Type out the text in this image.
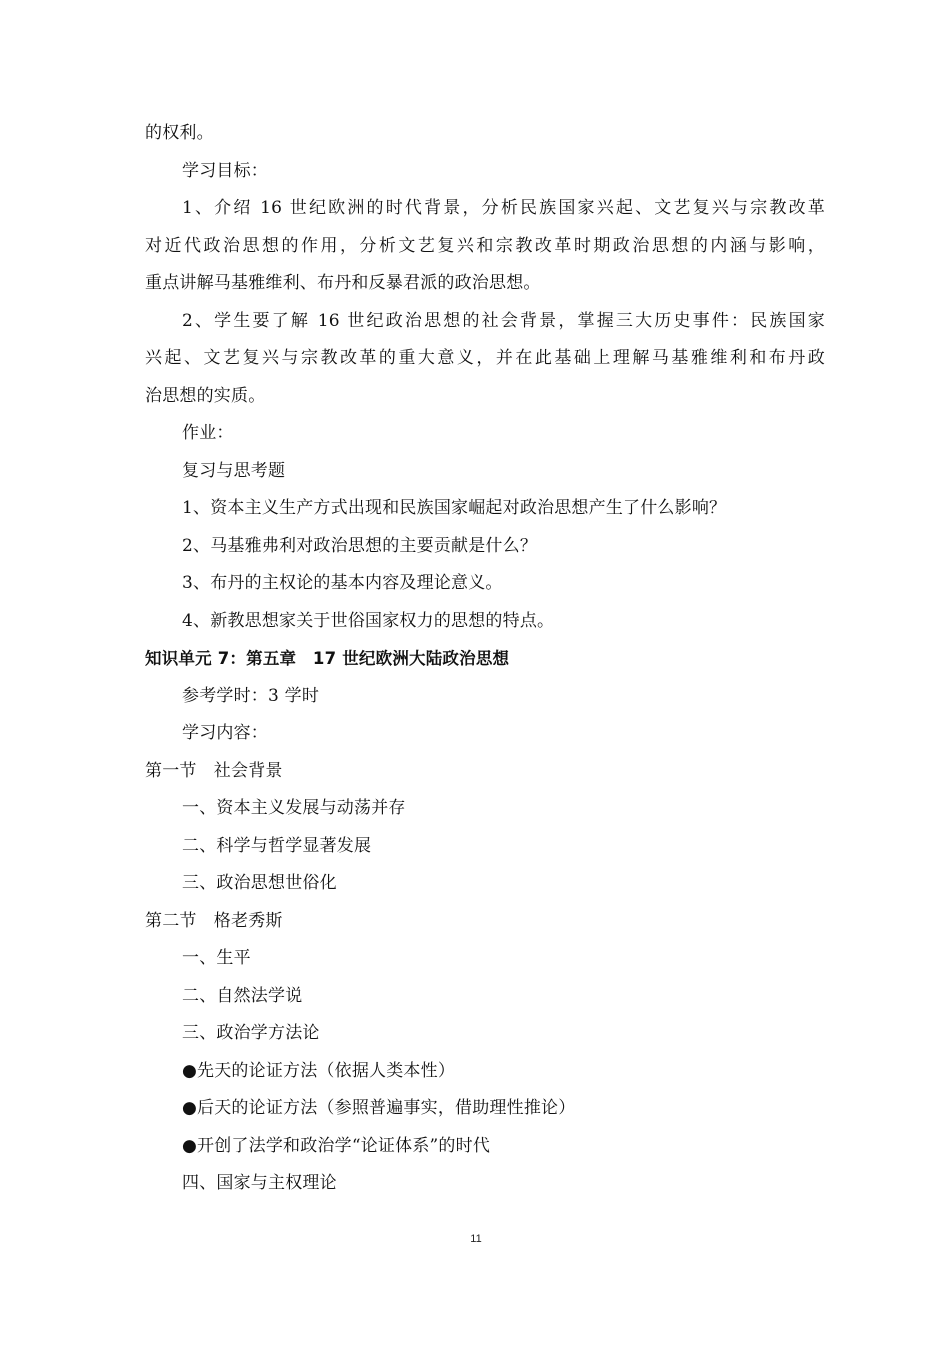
的权利。
学习目标：
1、介绍 16 世纪欧洲的时代背景，分析民族国家兴起、文艺复兴与宗教改革
对近代政治思想的作用，分析文艺复兴和宗教改革时期政治思想的内涵与影响，
重点讲解马基雅维利、布丹和反暴君派的政治思想。
2、学生要了解 16 世纪政治思想的社会背景，掌握三大历史事件：民族国家
兴起、文艺复兴与宗教改革的重大意义，并在此基础上理解马基雅维利和布丹政
治思想的实质。
作业：
复习与思考题
1、资本主义生产方式出现和民族国家崛起对政治思想产生了什么影响？
2、马基雅弗利对政治思想的主要贡献是什么？
3、布丹的主权论的基本内容及理论意义。
4、新教思想家关于世俗国家权力的思想的特点。
知识单元 7：第五章　17 世纪欧洲大陆政治思想
参考学时：3 学时
学习内容：
第一节　社会背景
一、资本主义发展与动荡并存
二、科学与哲学显著发展
三、政治思想世俗化
第二节　格老秀斯
一、生平
二、自然法学说
三、政治学方法论
●先天的论证方法（依据人类本性）
●后天的论证方法（参照普遍事实，借助理性推论）
●开创了法学和政治学“论证体系”的时代
四、国家与主权理论
11
